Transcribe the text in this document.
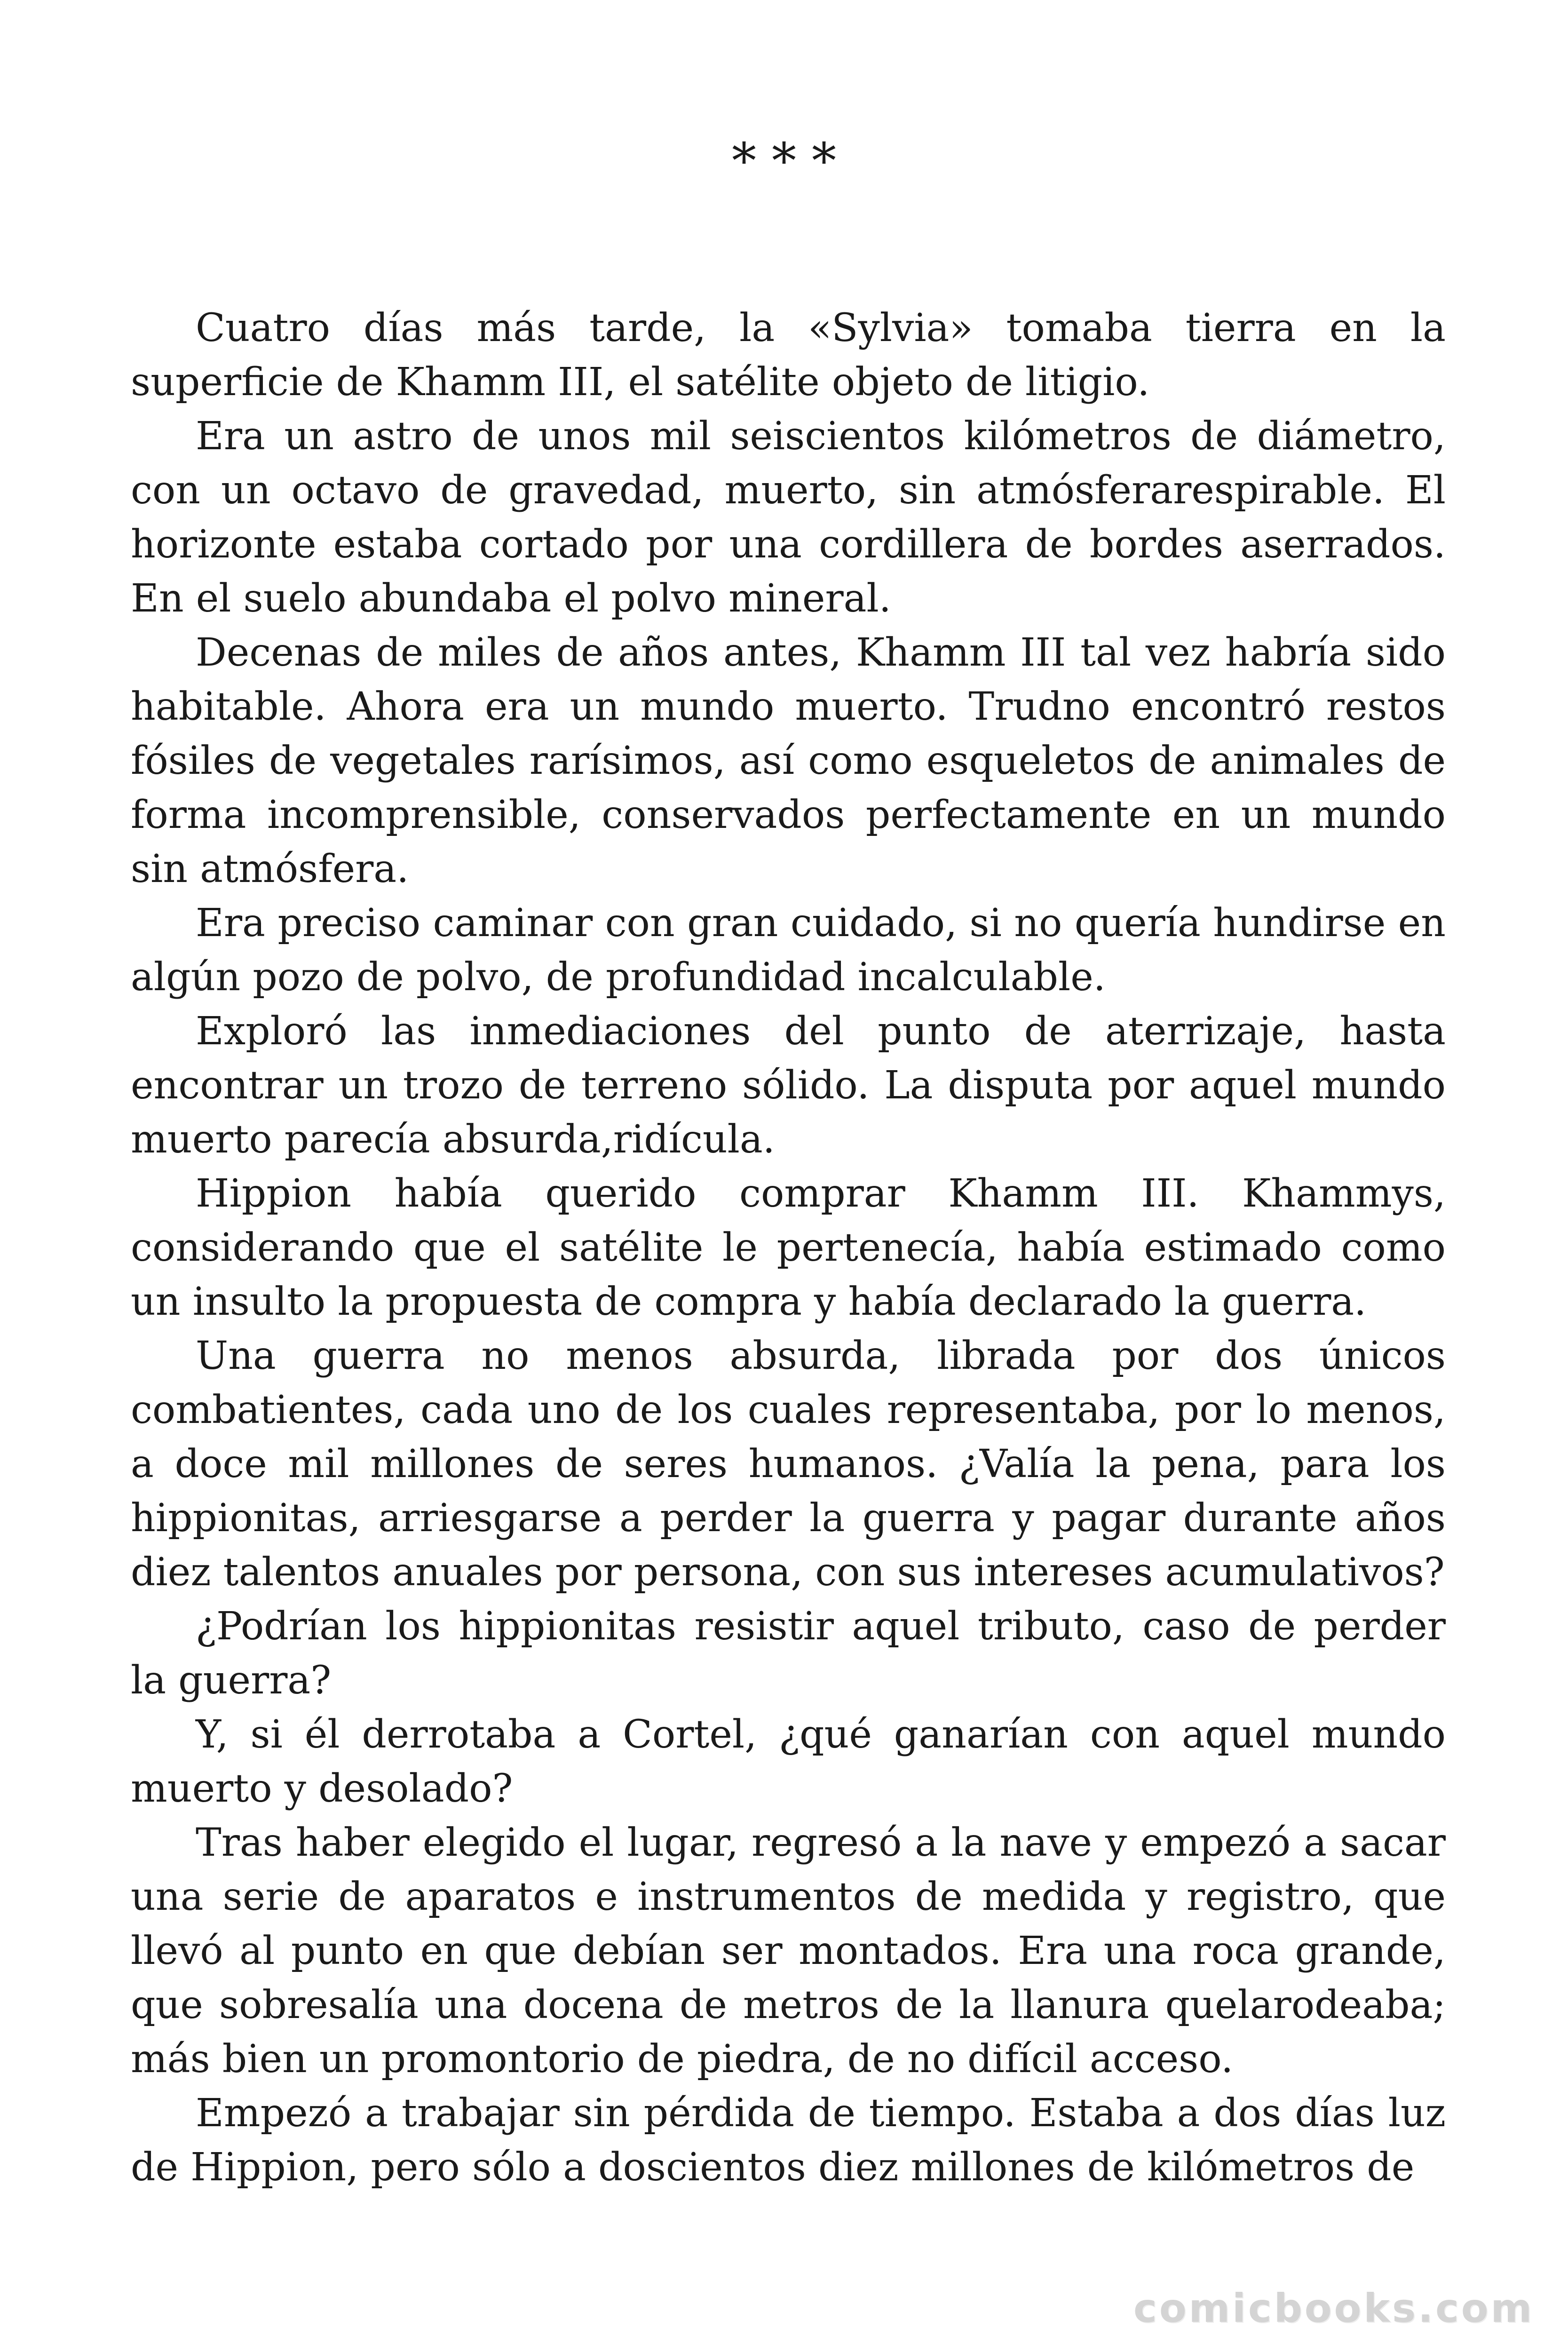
* * *

Cuatro días más tarde, la «Sylvia» tomaba tierra en la superficie de Khamm III, el satélite objeto de litigio.

Era un astro de unos mil seiscientos kilómetros de diámetro, con un octavo de gravedad, muerto, sin atmósferarespirable. El horizonte estaba cortado por una cordillera de bordes aserrados. En el suelo abundaba el polvo mineral.

Decenas de miles de años antes, Khamm III tal vez habría sido habitable. Ahora era un mundo muerto. Trudno encontró restos fósiles de vegetales rarísimos, así como esqueletos de animales de forma incomprensible, conservados perfectamente en un mundo sin atmósfera.

Era preciso caminar con gran cuidado, si no quería hundirse en algún pozo de polvo, de profundidad incalculable.

Exploró las inmediaciones del punto de aterrizaje, hasta encontrar un trozo de terreno sólido. La disputa por aquel mundo muerto parecía absurda,ridícula.

Hippion había querido comprar Khamm III. Khammys, considerando que el satélite le pertenecía, había estimado como un insulto la propuesta de compra y había declarado la guerra.

Una guerra no menos absurda, librada por dos únicos combatientes, cada uno de los cuales representaba, por lo menos, a doce mil millones de seres humanos. ¿Valía la pena, para los hippionitas, arriesgarse a perder la guerra y pagar durante años diez talentos anuales por persona, con sus intereses acumulativos?

¿Podrían los hippionitas resistir aquel tributo, caso de perder la guerra?

Y, si él derrotaba a Cortel, ¿qué ganarían con aquel mundo muerto y desolado?

Tras haber elegido el lugar, regresó a la nave y empezó a sacar una serie de aparatos e instrumentos de medida y registro, que llevó al punto en que debían ser montados. Era una roca grande, que sobresalía una docena de metros de la llanura quelarodeaba; más bien un promontorio de piedra, de no difícil acceso.

Empezó a trabajar sin pérdida de tiempo. Estaba a dos días luz de Hippion, pero sólo a doscientos diez millones de kilómetros de

comicbooks.com
